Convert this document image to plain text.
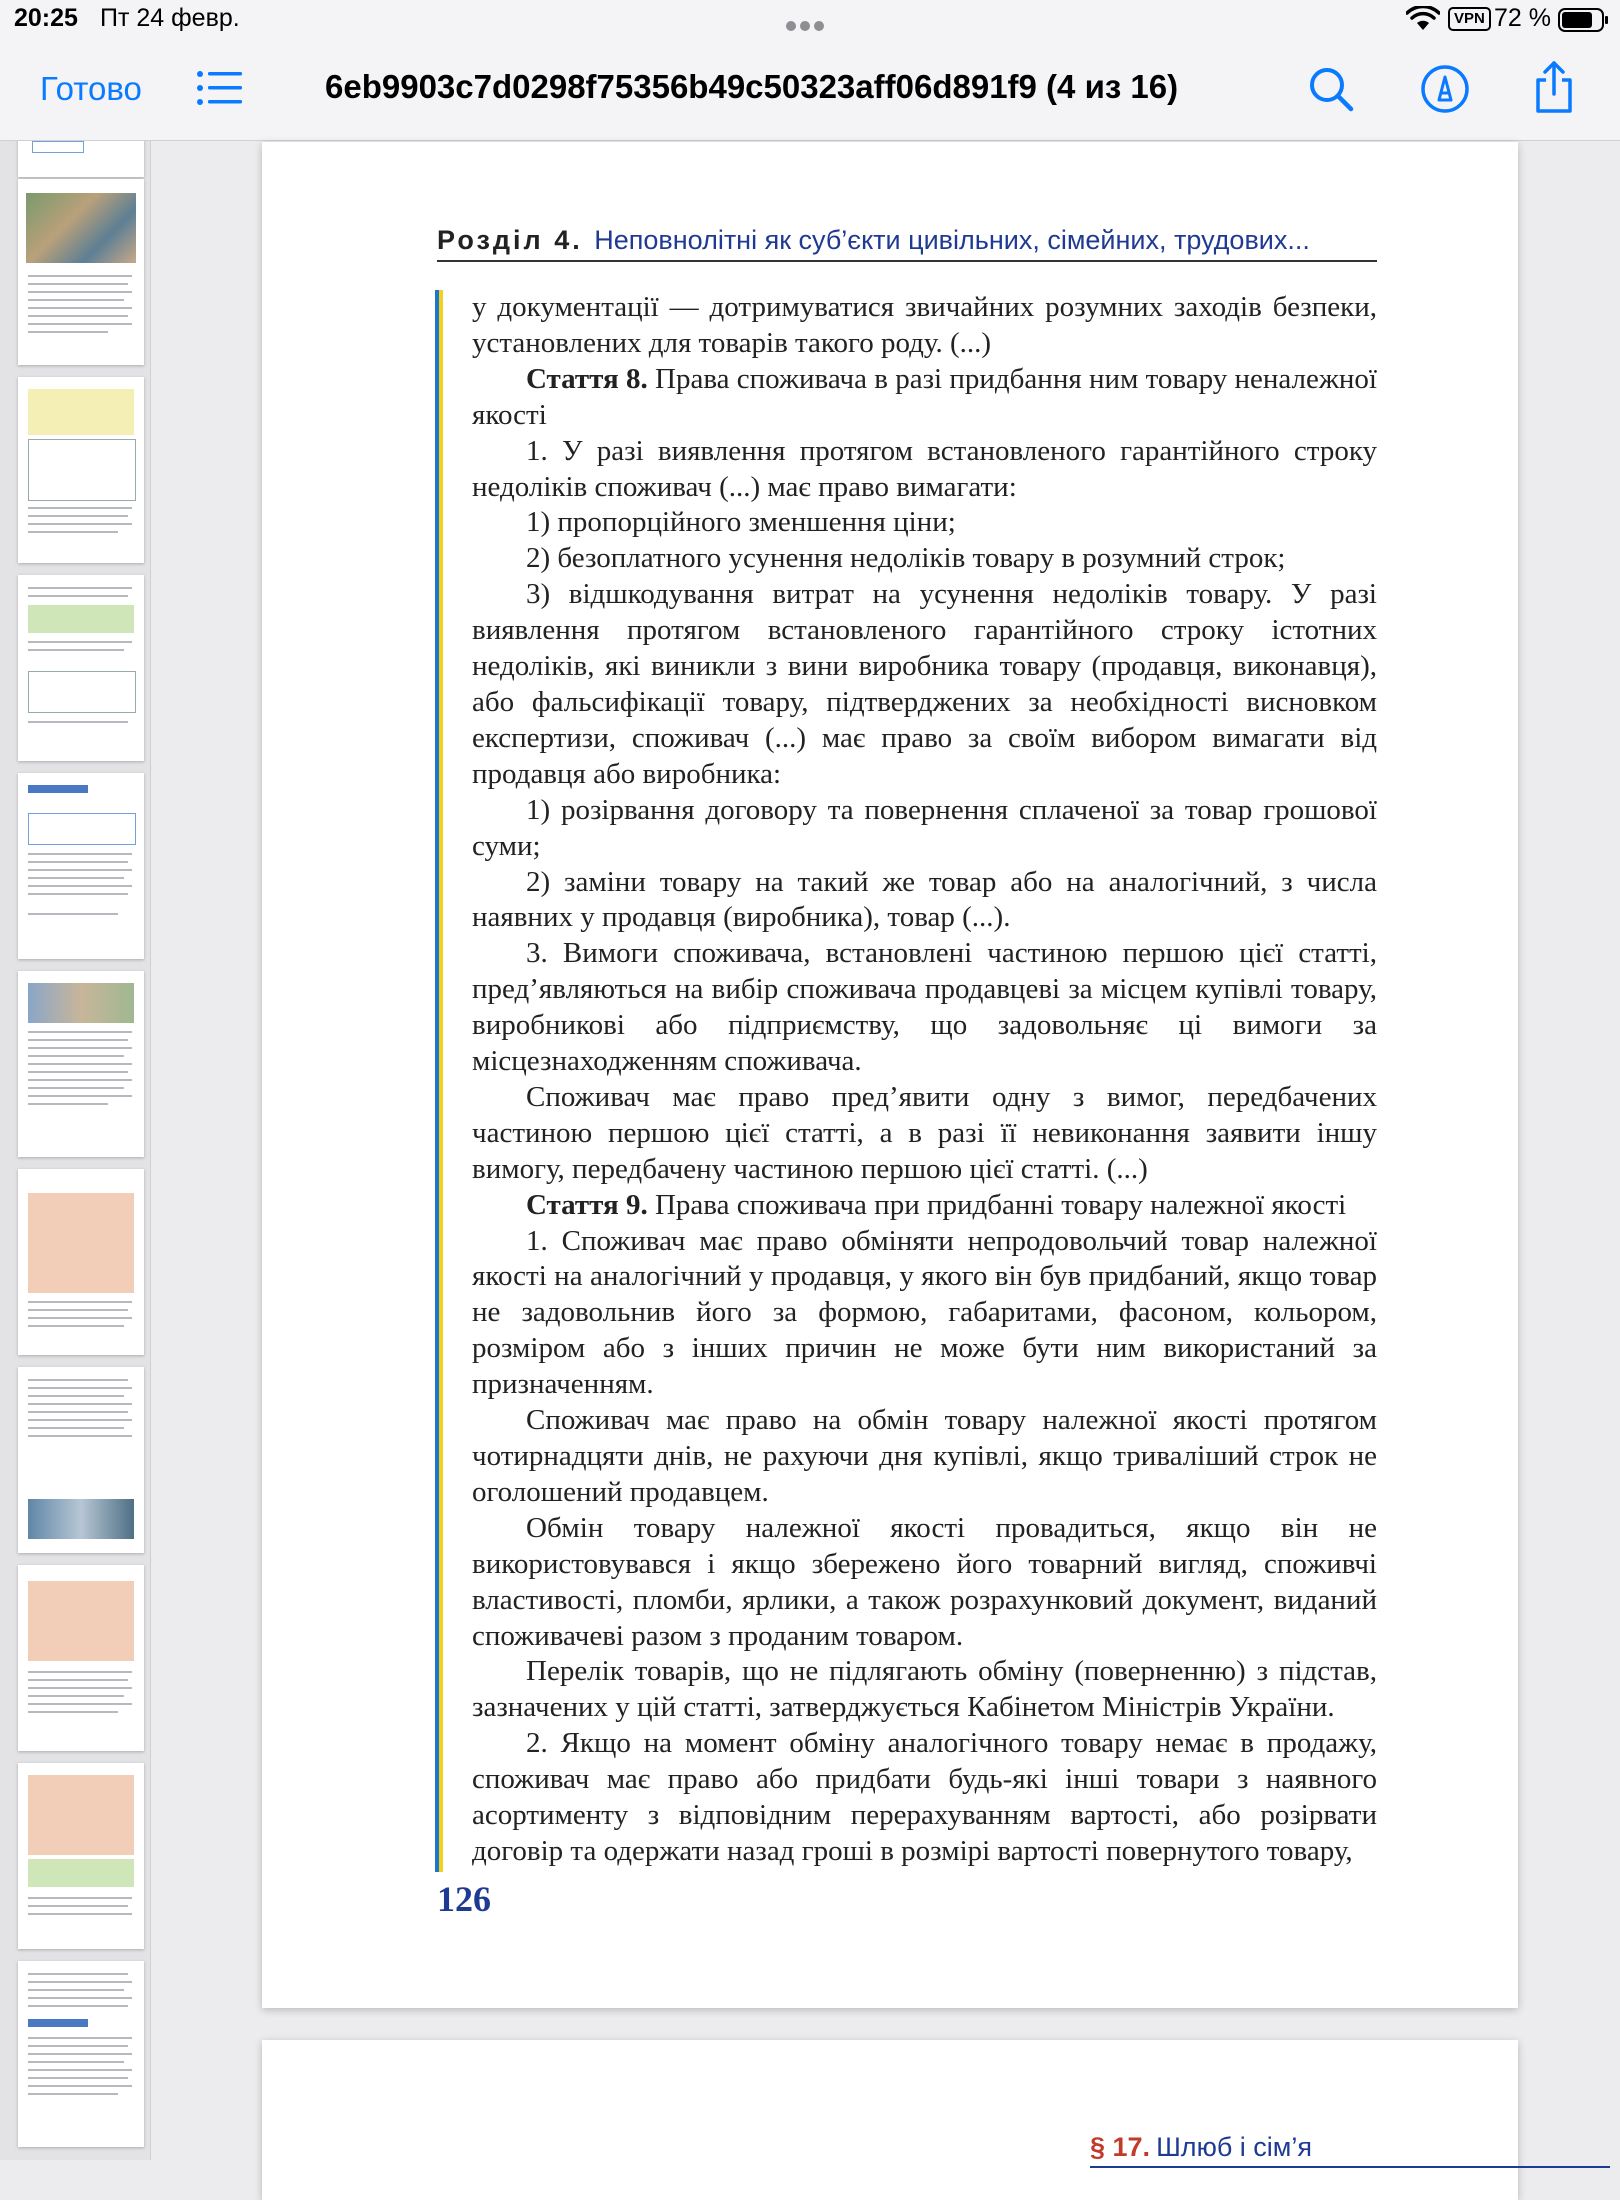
20:25 Пт 24 февр.	VPN 72 %
Готово	6eb9903c7d0298f75356b49c50323aff06d891f9 (4 из 16)
Розділ 4. Неповнолітні як суб’єкти цивільних, сімейних, трудових...

у документації — дотримуватися звичайних розумних заходів безпеки, установлених для товарів такого роду. (...)

Стаття 8. Права споживача в разі придбання ним товару неналежної якості

1. У разі виявлення протягом встановленого гарантійного строку недоліків споживач (...) має право вимагати:

1) пропорційного зменшення ціни;

2) безоплатного усунення недоліків товару в розумний строк;

3) відшкодування витрат на усунення недоліків товару. У разі виявлення протягом встановленого гарантійного строку істотних недоліків, які виникли з вини виробника товару (продавця, виконавця), або фальсифікації товару, підтверджених за необхідності висновком експертизи, споживач (...) має право за своїм вибором вимагати від продавця або виробника:

1) розірвання договору та повернення сплаченої за товар грошової суми;

2) заміни товару на такий же товар або на аналогічний, з числа наявних у продавця (виробника), товар (...).

3. Вимоги споживача, встановлені частиною першою цієї статті, пред’являються на вибір споживача продавцеві за місцем купівлі товару, виробникові або підприємству, що задовольняє ці вимоги за місцезнаходженням споживача.

Споживач має право пред’явити одну з вимог, передбачених частиною першою цієї статті, а в разі її невиконання заявити іншу вимогу, передбачену частиною першою цієї статті. (...)

Стаття 9. Права споживача при придбанні товару належної якості

1. Споживач має право обміняти непродовольчий товар належної якості на аналогічний у продавця, у якого він був придбаний, якщо товар не задовольнив його за формою, габаритами, фасоном, кольором, розміром або з інших причин не може бути ним використаний за призначенням.

Споживач має право на обмін товару належної якості протягом чотирнадцяти днів, не рахуючи дня купівлі, якщо триваліший строк не оголошений продавцем.

Обмін товару належної якості провадиться, якщо він не використовувався і якщо збережено його товарний вигляд, споживчі властивості, пломби, ярлики, а також розрахунковий документ, виданий споживачеві разом з проданим товаром.

Перелік товарів, що не підлягають обміну (поверненню) з підстав, зазначених у цій статті, затверджується Кабінетом Міністрів України.

2. Якщо на момент обміну аналогічного товару немає в продажу, споживач має право або придбати будь-які інші товари з наявного асортименту з відповідним перерахуванням вартості, або розірвати договір та одержати назад гроші в розмірі вартості повернутого товару,

126
§ 17. Шлюб і сім’я
